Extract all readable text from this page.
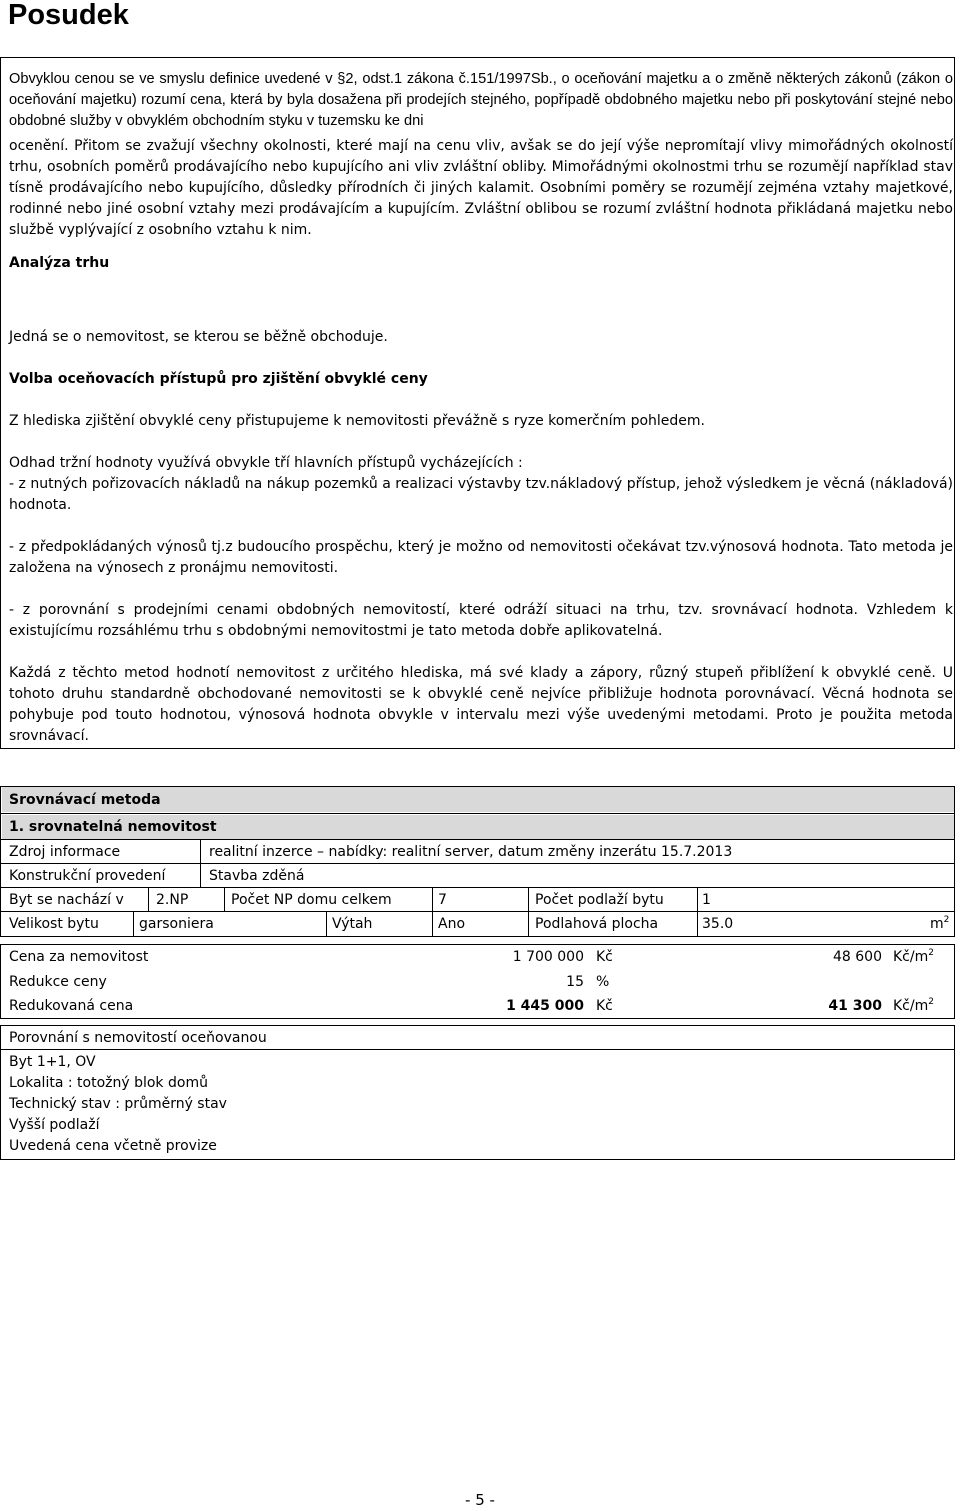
Posudek

Obvyklou cenou se ve smyslu definice uvedené v §2, odst.1 zákona č.151/1997Sb., o oceňování majetku a o změně některých zákonů (zákon o oceňování majetku) rozumí cena, která by byla dosažena při prodejích stejného, popřípadě obdobného majetku nebo při poskytování stejné nebo obdobné služby v obvyklém obchodním styku v tuzemsku ke dni

ocenění. Přitom se zvažují všechny okolnosti, které mají na cenu vliv, avšak se do její výše nepromítají vlivy mimořádných okolností trhu, osobních poměrů prodávajícího nebo kupujícího ani vliv zvláštní obliby. Mimořádnými okolnostmi trhu se rozumějí například stav tísně prodávajícího nebo kupujícího, důsledky přírodních či jiných kalamit. Osobními poměry se rozumějí zejména vztahy majetkové, rodinné nebo jiné osobní vztahy mezi prodávajícím a kupujícím. Zvláštní oblibou se rozumí zvláštní hodnota přikládaná majetku nebo službě vyplývající z osobního vztahu k nim.

Analýza trhu

Jedná se o nemovitost, se kterou se běžně obchoduje.

Volba oceňovacích přístupů pro zjištění obvyklé ceny

Z hlediska zjištění obvyklé ceny přistupujeme k nemovitosti převážně s ryze komerčním pohledem.

Odhad tržní hodnoty využívá obvykle tří hlavních přístupů vycházejících :

- z nutných pořizovacích nákladů na nákup pozemků a realizaci výstavby tzv.nákladový přístup, jehož výsledkem je věcná (nákladová) hodnota.

- z předpokládaných výnosů tj.z budoucího prospěchu, který je možno od nemovitosti očekávat tzv.výnosová hodnota. Tato metoda je založena na výnosech z pronájmu nemovitosti.

- z porovnání s prodejními cenami obdobných nemovitostí, které odráží situaci na trhu, tzv. srovnávací hodnota. Vzhledem k existujícímu rozsáhlému trhu s obdobnými nemovitostmi je tato metoda dobře aplikovatelná.

Každá z těchto metod hodnotí nemovitost z určitého hlediska, má své klady a zápory, různý stupeň přiblížení k obvyklé ceně. U tohoto druhu standardně obchodované nemovitosti se k obvyklé ceně nejvíce přibližuje hodnota porovnávací. Věcná hodnota se pohybuje pod touto hodnotou, výnosová hodnota obvykle v intervalu mezi výše uvedenými metodami. Proto je použita metoda srovnávací.

Srovnávací metoda
1. srovnatelná nemovitost
Zdroj informace	realitní inzerce – nabídky: realitní server, datum změny inzerátu 15.7.2013
Konstrukční provedení	Stavba zděná
Byt se nachází v 2.NP	Počet NP domu celkem	7	Počet podlaží bytu	1
Velikost bytu	garsoniera	Výtah	Ano	Podlahová plocha	35.0	$m^2$
Cena za nemovitost	1 700 000 Kč	48 600 $Kč/m^2$
Redukce ceny	15 %
Redukovaná cena	1 445 000 Kč	41 300 $Kč/m^2$
Porovnání s nemovitostí oceňovanou
Byt 1+1, OV
Lokalita : totožný blok domů
Technický stav : průměrný stav
Vyšší podlaží
Uvedená cena včetně provize
- 5 -
